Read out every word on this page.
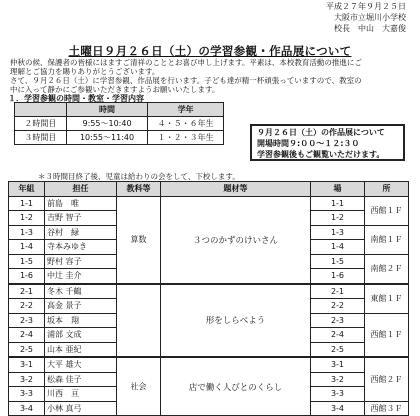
平成２７年９月２５日
大阪市立堀川小学校
校長　中山　大嘉俊
土曜日９月２６日（土）の学習参観・作品展について
仲秋の候、保護者の皆様にはますご清祥のこととお喜び申し上げます。平素は、本校教育活動の推進にご
理解とご協力を賜りありがとうございます。
さて、９月２６日（土）に学習参観、作品展を行います。子ども達が精一杯頑張っていますので、教室の
中に入って静かにご参観いただきますようお願いいたします。
１．学習参観の時間・教室・学習内容
	時間	学年
２時間目	9:55～10:40	４・５・６年生
３時間目	10:55～11:40	１・２・３年生
９月２６日（土）の作品展について
開場時間９:００～１２:３０
学習参観後もご観覧いただけます。
＊３時間目終了後、児童は給わりの会をして、下校します。
年組	担任	教科等	題材等	場	所
1-1	前島　唯	算数	３つのかずのけいさん	1-1	西館１Ｆ
1-2	吉野 智子			1-2	
1-3	谷村　緑			1-3	南館１Ｆ
1-4	寺本みゆき			1-4	
1-5	野村 容子			1-5	南館２Ｆ
1-6	中辻 圭介			1-6	
2-1	冬木 千鶴		形をしらべよう	2-1	東館１Ｆ
2-2	高金 景子			2-2	
2-3	坂本　翔			2-3	西館１Ｆ
2-4	浦部 文成			2-4	
2-5	山本 亜紀			2-5	
3-1	大平 雄大	社会	店で働く人びとのくらし	3-1	西館２Ｆ
3-2	松森 佳子			3-2	
3-3	川西　亘			3-3	
3-4	小林 真弓			3-4	西館３Ｆ
